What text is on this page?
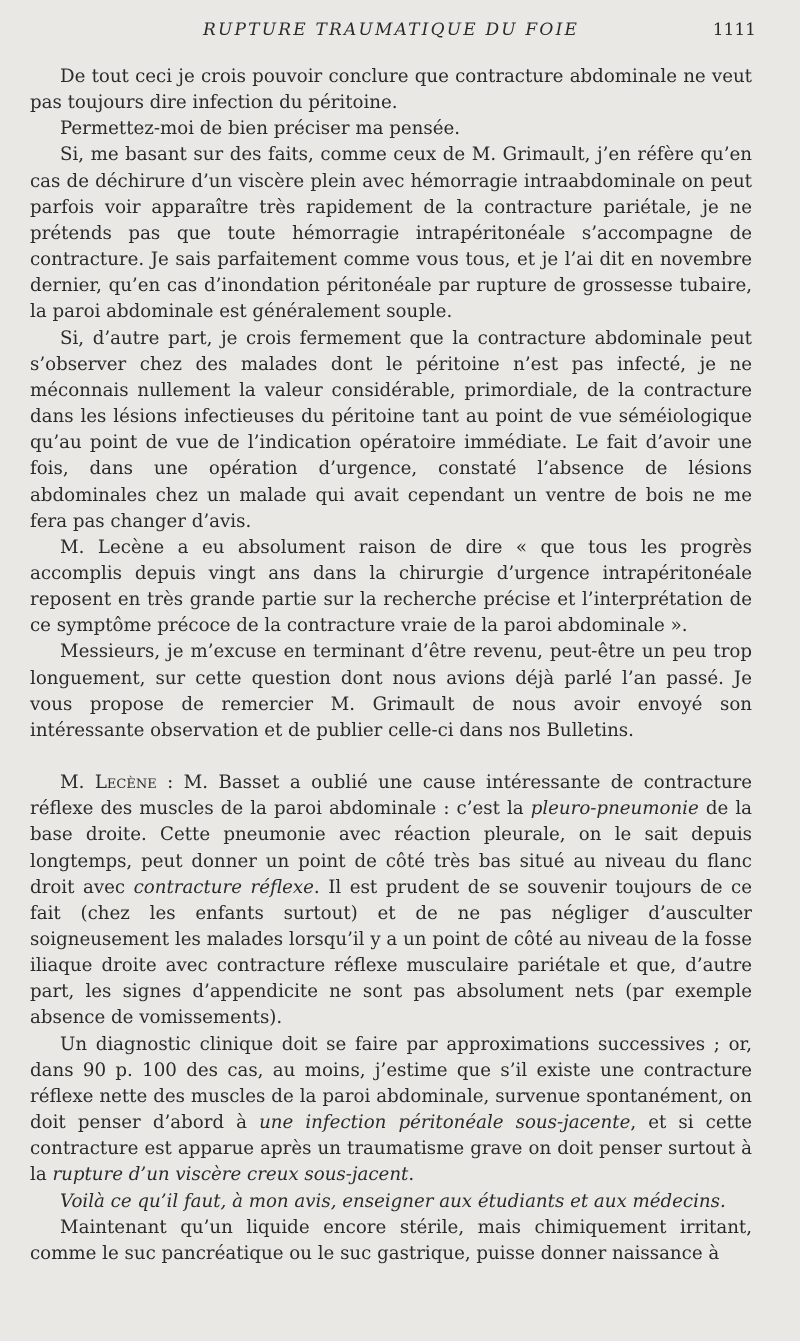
RUPTURE TRAUMATIQUE DU FOIE	1111

De tout ceci je crois pouvoir conclure que contracture abdominale ne veut pas toujours dire infection du péritoine.

Permettez-moi de bien préciser ma pensée.

Si, me basant sur des faits, comme ceux de M. Grimault, j’en réfère qu’en cas de déchirure d’un viscère plein avec hémorragie intraabdominale on peut parfois voir apparaître très rapidement de la contracture pariétale, je ne prétends pas que toute hémorragie intrapéritonéale s’accompagne de contracture. Je sais parfaitement comme vous tous, et je l’ai dit en novembre dernier, qu’en cas d’inondation péritonéale par rupture de grossesse tubaire, la paroi abdominale est généralement souple.

Si, d’autre part, je crois fermement que la contracture abdominale peut s’observer chez des malades dont le péritoine n’est pas infecté, je ne méconnais nullement la valeur considérable, primordiale, de la contracture dans les lésions infectieuses du péritoine tant au point de vue séméiologique qu’au point de vue de l’indication opératoire immédiate. Le fait d’avoir une fois, dans une opération d’urgence, constaté l’absence de lésions abdominales chez un malade qui avait cependant un ventre de bois ne me fera pas changer d’avis.

M. Lecène a eu absolument raison de dire « que tous les progrès accomplis depuis vingt ans dans la chirurgie d’urgence intrapéritonéale reposent en très grande partie sur la recherche précise et l’interprétation de ce symptôme précoce de la contracture vraie de la paroi abdominale ».

Messieurs, je m’excuse en terminant d’être revenu, peut-être un peu trop longuement, sur cette question dont nous avions déjà parlé l’an passé. Je vous propose de remercier M. Grimault de nous avoir envoyé son intéressante observation et de publier celle-ci dans nos Bulletins.

M. Lecène : M. Basset a oublié une cause intéressante de contracture réflexe des muscles de la paroi abdominale : c’est la pleuro-pneumonie de la base droite. Cette pneumonie avec réaction pleurale, on le sait depuis longtemps, peut donner un point de côté très bas situé au niveau du flanc droit avec contracture réflexe. Il est prudent de se souvenir toujours de ce fait (chez les enfants surtout) et de ne pas négliger d’ausculter soigneusement les malades lorsqu’il y a un point de côté au niveau de la fosse iliaque droite avec contracture réflexe musculaire pariétale et que, d’autre part, les signes d’appendicite ne sont pas absolument nets (par exemple absence de vomissements).

Un diagnostic clinique doit se faire par approximations successives ; or, dans 90 p. 100 des cas, au moins, j’estime que s’il existe une contracture réflexe nette des muscles de la paroi abdominale, survenue spontanément, on doit penser d’abord à une infection péritonéale sous-jacente, et si cette contracture est apparue après un traumatisme grave on doit penser surtout à la rupture d’un viscère creux sous-jacent.

Voilà ce qu’il faut, à mon avis, enseigner aux étudiants et aux médecins.

Maintenant qu’un liquide encore stérile, mais chimiquement irritant, comme le suc pancréatique ou le suc gastrique, puisse donner naissance à
